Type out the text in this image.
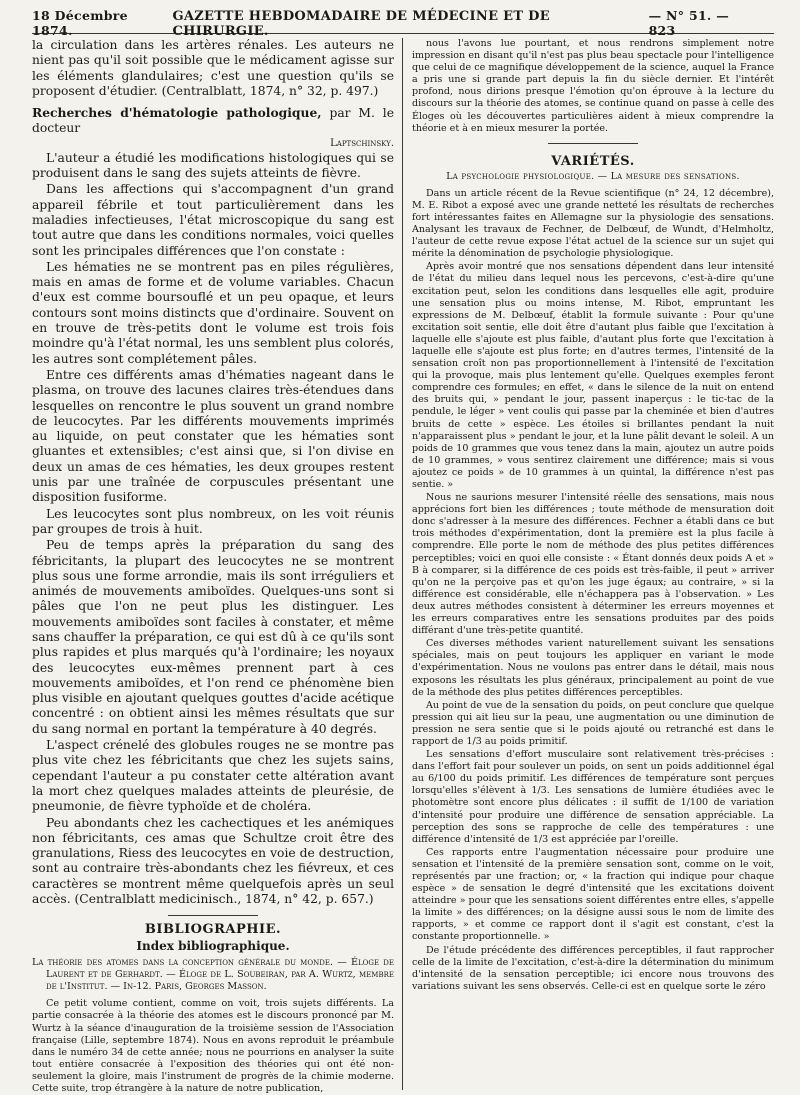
18 Décembre 1874.
GAZETTE HEBDOMADAIRE DE MÉDECINE ET DE CHIRURGIE.
— N° 51. —    823

la circulation dans les artères rénales. Les auteurs ne nient pas qu'il soit possible que le médicament agisse sur les éléments glandulaires; c'est une question qu'ils se proposent d'étudier. (Centralblatt, 1874, n° 32, p. 497.)

Recherches d'hématologie pathologique, par M. le docteur

Laptschinsky.

L'auteur a étudié les modifications histologiques qui se produisent dans le sang des sujets atteints de fièvre.

Dans les affections qui s'accompagnent d'un grand appareil fébrile et tout particulièrement dans les maladies infectieuses, l'état microscopique du sang est tout autre que dans les conditions normales, voici quelles sont les principales différences que l'on constate :

Les hématies ne se montrent pas en piles régulières, mais en amas de forme et de volume variables. Chacun d'eux est comme boursouflé et un peu opaque, et leurs contours sont moins distincts que d'ordinaire. Souvent on en trouve de très-petits dont le volume est trois fois moindre qu'à l'état normal, les uns semblent plus colorés, les autres sont complétement pâles.

Entre ces différents amas d'hématies nageant dans le plasma, on trouve des lacunes claires très-étendues dans lesquelles on rencontre le plus souvent un grand nombre de leucocytes. Par les différents mouvements imprimés au liquide, on peut constater que les hématies sont gluantes et extensibles; c'est ainsi que, si l'on divise en deux un amas de ces hématies, les deux groupes restent unis par une traînée de corpuscules présentant une disposition fusiforme.

Les leucocytes sont plus nombreux, on les voit réunis par groupes de trois à huit.

Peu de temps après la préparation du sang des fébricitants, la plupart des leucocytes ne se montrent plus sous une forme arrondie, mais ils sont irréguliers et animés de mouvements amiboïdes. Quelques-uns sont si pâles que l'on ne peut plus les distinguer. Les mouvements amiboïdes sont faciles à constater, et même sans chauffer la préparation, ce qui est dû à ce qu'ils sont plus rapides et plus marqués qu'à l'ordinaire; les noyaux des leucocytes eux-mêmes prennent part à ces mouvements amiboïdes, et l'on rend ce phénomène bien plus visible en ajoutant quelques gouttes d'acide acétique concentré : on obtient ainsi les mêmes résultats que sur du sang normal en portant la température à 40 degrés.

L'aspect crénelé des globules rouges ne se montre pas plus vite chez les fébricitants que chez les sujets sains, cependant l'auteur a pu constater cette altération avant la mort chez quelques malades atteints de pleurésie, de pneumonie, de fièvre typhoïde et de choléra.

Peu abondants chez les cachectiques et les anémiques non fébricitants, ces amas que Schultze croit être des granulations, Riess des leucocytes en voie de destruction, sont au contraire très-abondants chez les fiévreux, et ces caractères se montrent même quelquefois après un seul accès. (Centralblatt medicinisch., 1874, n° 42, p. 657.)

BIBLIOGRAPHIE.
Index bibliographique.
La théorie des atomes dans la conception générale du monde. — Éloge de Laurent et de Gerhardt. — Éloge de L. Soubeiran, par A. Wurtz, membre de l'Institut. — In-12. Paris, Georges Masson.

Ce petit volume contient, comme on voit, trois sujets différents. La partie consacrée à la théorie des atomes est le discours prononcé par M. Wurtz à la séance d'inauguration de la troisième session de l'Association française (Lille, septembre 1874). Nous en avons reproduit le préambule dans le numéro 34 de cette année; nous ne pourrions en analyser la suite tout entière consacrée à l'exposition des théories qui ont été non-seulement la gloire, mais l'instrument de progrès de la chimie moderne. Cette suite, trop étrangère à la nature de notre publication,

nous l'avons lue pourtant, et nous rendrons simplement notre impression en disant qu'il n'est pas plus beau spectacle pour l'intelligence que celui de ce magnifique développement de la science, auquel la France a pris une si grande part depuis la fin du siècle dernier. Et l'intérêt profond, nous dirions presque l'émotion qu'on éprouve à la lecture du discours sur la théorie des atomes, se continue quand on passe à celle des Éloges où les découvertes particulières aident à mieux comprendre la théorie et à en mieux mesurer la portée.

VARIÉTÉS.
La psychologie physiologique. — La mesure des sensations.

Dans un article récent de la Revue scientifique (n° 24, 12 décembre), M. E. Ribot a exposé avec une grande netteté les résultats de recherches fort intéressantes faites en Allemagne sur la physiologie des sensations. Analysant les travaux de Fechner, de Delbœuf, de Wundt, d'Helmholtz, l'auteur de cette revue expose l'état actuel de la science sur un sujet qui mérite la dénomination de psychologie physiologique.

Après avoir montré que nos sensations dépendent dans leur intensité de l'état du milieu dans lequel nous les percevons, c'est-à-dire qu'une excitation peut, selon les conditions dans lesquelles elle agit, produire une sensation plus ou moins intense, M. Ribot, empruntant les expressions de M. Delbœuf, établit la formule suivante : Pour qu'une excitation soit sentie, elle doit être d'autant plus faible que l'excitation à laquelle elle s'ajoute est plus faible, d'autant plus forte que l'excitation à laquelle elle s'ajoute est plus forte; en d'autres termes, l'intensité de la sensation croît non pas proportionnellement à l'intensité de l'excitation qui la provoque, mais plus lentement qu'elle. Quelques exemples feront comprendre ces formules; en effet, « dans le silence de la nuit on entend des bruits qui, » pendant le jour, passent inaperçus : le tic-tac de la pendule, le léger » vent coulis qui passe par la cheminée et bien d'autres bruits de cette » espèce. Les étoiles si brillantes pendant la nuit n'apparaissent plus » pendant le jour, et la lune pâlit devant le soleil. A un poids de 10 grammes que vous tenez dans la main, ajoutez un autre poids de 10 grammes, » vous sentirez clairement une différence; mais si vous ajoutez ce poids » de 10 grammes à un quintal, la différence n'est pas sentie. »

Nous ne saurions mesurer l'intensité réelle des sensations, mais nous apprécions fort bien les différences ; toute méthode de mensuration doit donc s'adresser à la mesure des différences. Fechner a établi dans ce but trois méthodes d'expérimentation, dont la première est la plus facile à comprendre. Elle porte le nom de méthode des plus petites différences perceptibles; voici en quoi elle consiste : « Étant donnés deux poids A et » B à comparer, si la différence de ces poids est très-faible, il peut » arriver qu'on ne la perçoive pas et qu'on les juge égaux; au contraire, » si la différence est considérable, elle n'échappera pas à l'observation. » Les deux autres méthodes consistent à déterminer les erreurs moyennes et les erreurs comparatives entre les sensations produites par des poids différant d'une très-petite quantité.

Ces diverses méthodes varient naturellement suivant les sensations spéciales, mais on peut toujours les appliquer en variant le mode d'expérimentation. Nous ne voulons pas entrer dans le détail, mais nous exposons les résultats les plus généraux, principalement au point de vue de la méthode des plus petites différences perceptibles.

Au point de vue de la sensation du poids, on peut conclure que quelque pression qui ait lieu sur la peau, une augmentation ou une diminution de pression ne sera sentie que si le poids ajouté ou retranché est dans le rapport de 1/3 au poids primitif.

Les sensations d'effort musculaire sont relativement très-précises : dans l'effort fait pour soulever un poids, on sent un poids additionnel égal au 6/100 du poids primitif. Les différences de température sont perçues lorsqu'elles s'élèvent à 1/3. Les sensations de lumière étudiées avec le photomètre sont encore plus délicates : il suffit de 1/100 de variation d'intensité pour produire une différence de sensation appréciable. La perception des sons se rapproche de celle des températures : une différence d'intensité de 1/3 est appréciée par l'oreille.

Ces rapports entre l'augmentation nécessaire pour produire une sensation et l'intensité de la première sensation sont, comme on le voit, représentés par une fraction; or, « la fraction qui indique pour chaque espèce » de sensation le degré d'intensité que les excitations doivent atteindre » pour que les sensations soient différentes entre elles, s'appelle la limite » des différences; on la désigne aussi sous le nom de limite des rapports, » et comme ce rapport dont il s'agit est constant, c'est la constante proportionnelle. »

De l'étude précédente des différences perceptibles, il faut rapprocher celle de la limite de l'excitation, c'est-à-dire la détermination du minimum d'intensité de la sensation perceptible; ici encore nous trouvons des variations suivant les sens observés. Celle-ci est en quelque sorte le zéro
